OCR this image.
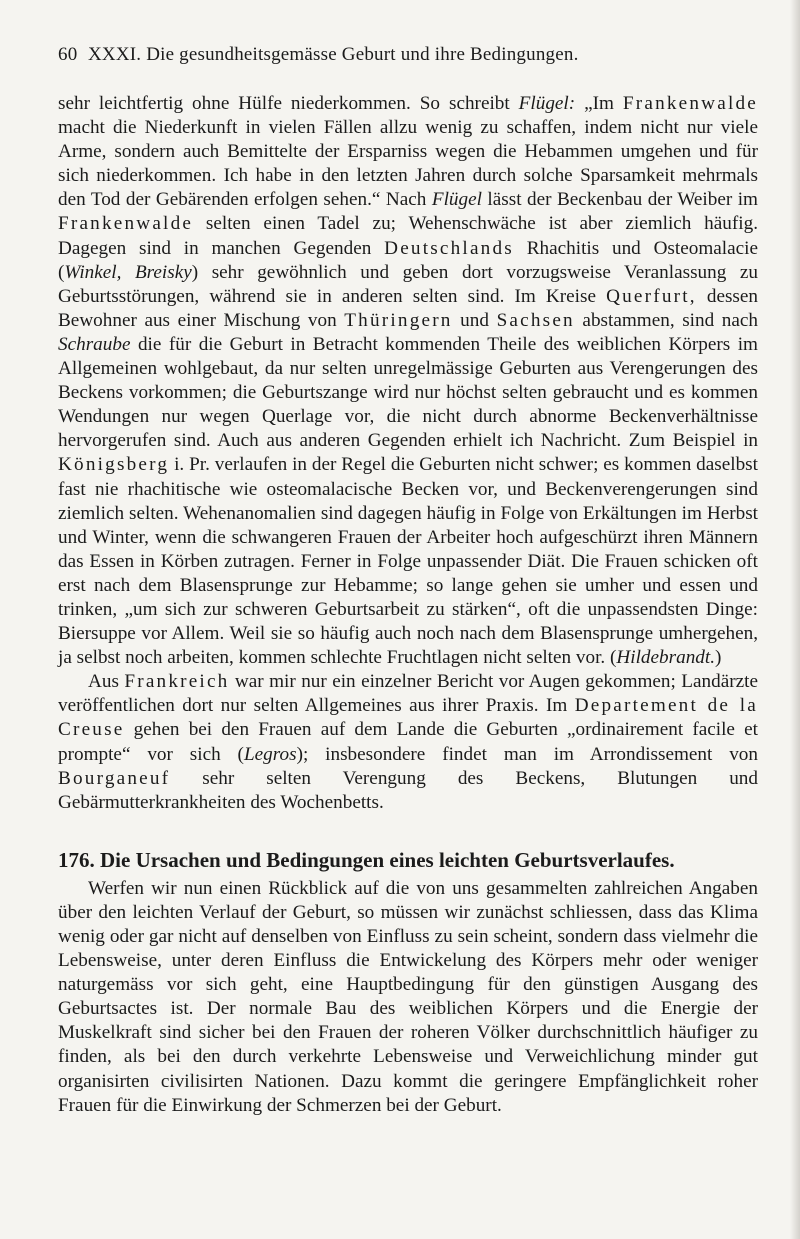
60 XXXI. Die gesundheitsgemässe Geburt und ihre Bedingungen.

sehr leichtfertig ohne Hülfe niederkommen. So schreibt Flügel: „Im Frankenwalde macht die Niederkunft in vielen Fällen allzu wenig zu schaffen, indem nicht nur viele Arme, sondern auch Bemittelte der Ersparniss wegen die Hebammen umgehen und für sich niederkommen. Ich habe in den letzten Jahren durch solche Sparsamkeit mehrmals den Tod der Gebärenden erfolgen sehen.“ Nach Flügel lässt der Beckenbau der Weiber im Frankenwalde selten einen Tadel zu; Wehenschwäche ist aber ziemlich häufig. Dagegen sind in manchen Gegenden Deutschlands Rhachitis und Osteomalacie (Winkel, Breisky) sehr gewöhnlich und geben dort vorzugsweise Veranlassung zu Geburtsstörungen, während sie in anderen selten sind. Im Kreise Querfurt, dessen Bewohner aus einer Mischung von Thüringern und Sachsen abstammen, sind nach Schraube die für die Geburt in Betracht kommenden Theile des weiblichen Körpers im Allgemeinen wohlgebaut, da nur selten unregelmässige Geburten aus Verengerungen des Beckens vorkommen; die Geburtszange wird nur höchst selten gebraucht und es kommen Wendungen nur wegen Querlage vor, die nicht durch abnorme Beckenverhältnisse hervorgerufen sind. Auch aus anderen Gegenden erhielt ich Nachricht. Zum Beispiel in Königsberg i. Pr. verlaufen in der Regel die Geburten nicht schwer; es kommen daselbst fast nie rhachitische wie osteomalacische Becken vor, und Beckenverengerungen sind ziemlich selten. Wehenanomalien sind dagegen häufig in Folge von Erkältungen im Herbst und Winter, wenn die schwangeren Frauen der Arbeiter hoch aufgeschürzt ihren Männern das Essen in Körben zutragen. Ferner in Folge unpassender Diät. Die Frauen schicken oft erst nach dem Blasensprunge zur Hebamme; so lange gehen sie umher und essen und trinken, „um sich zur schweren Geburtsarbeit zu stärken“, oft die unpassendsten Dinge: Biersuppe vor Allem. Weil sie so häufig auch noch nach dem Blasensprunge umhergehen, ja selbst noch arbeiten, kommen schlechte Fruchtlagen nicht selten vor. (Hildebrandt.)

Aus Frankreich war mir nur ein einzelner Bericht vor Augen gekommen; Landärzte veröffentlichen dort nur selten Allgemeines aus ihrer Praxis. Im Departement de la Creuse gehen bei den Frauen auf dem Lande die Geburten „ordinairement facile et prompte“ vor sich (Legros); insbesondere findet man im Arrondissement von Bourganeuf sehr selten Verengung des Beckens, Blutungen und Gebärmutterkrankheiten des Wochenbetts.

176. Die Ursachen und Bedingungen eines leichten Geburtsverlaufes.

Werfen wir nun einen Rückblick auf die von uns gesammelten zahlreichen Angaben über den leichten Verlauf der Geburt, so müssen wir zunächst schliessen, dass das Klima wenig oder gar nicht auf denselben von Einfluss zu sein scheint, sondern dass vielmehr die Lebensweise, unter deren Einfluss die Entwickelung des Körpers mehr oder weniger naturgemäss vor sich geht, eine Hauptbedingung für den günstigen Ausgang des Geburtsactes ist. Der normale Bau des weiblichen Körpers und die Energie der Muskelkraft sind sicher bei den Frauen der roheren Völker durchschnittlich häufiger zu finden, als bei den durch verkehrte Lebensweise und Verweichlichung minder gut organisirten civilisirten Nationen. Dazu kommt die geringere Empfänglichkeit roher Frauen für die Einwirkung der Schmerzen bei der Geburt.
